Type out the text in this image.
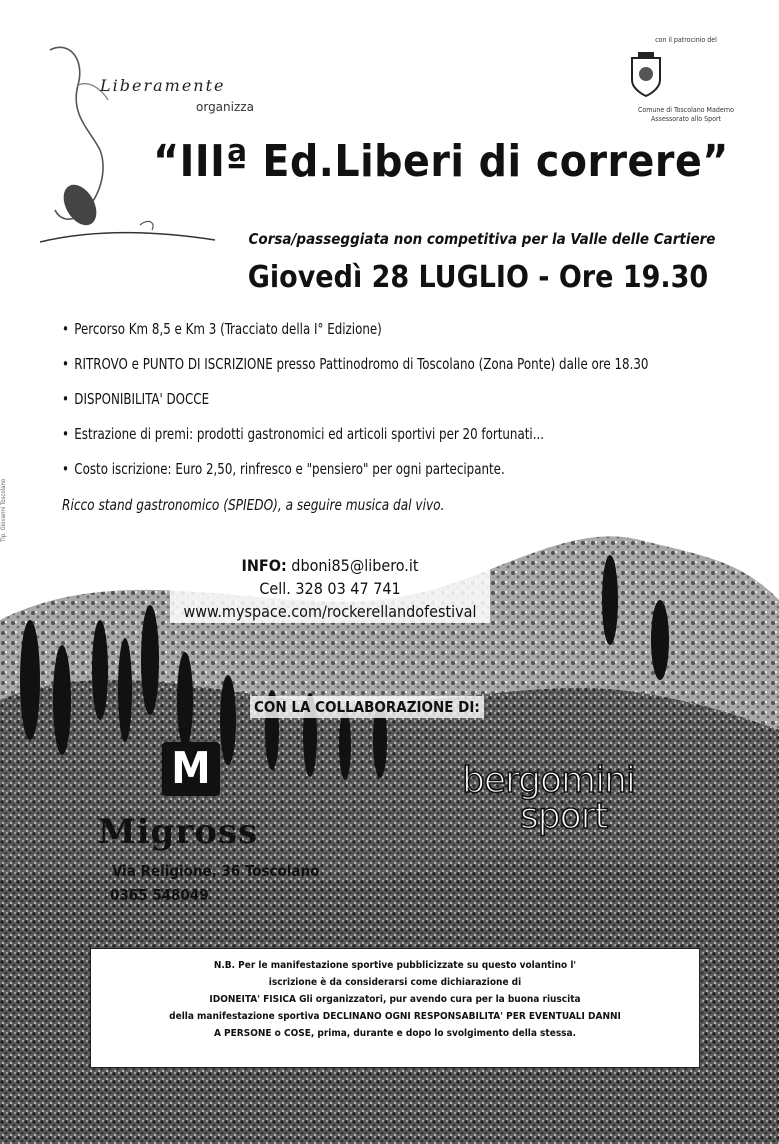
Liberamente
organizza
con il patrocinio del
Comune di Toscolano Maderno
Assessorato allo Sport
“IIIª Ed.Liberi di correre”
Corsa/passeggiata non competitiva per la Valle delle Cartiere
Giovedì 28 LUGLIO - Ore 19.30
• Percorso Km 8,5 e Km 3 (Tracciato della I° Edizione)
• RITROVO e PUNTO DI ISCRIZIONE presso Pattinodromo di Toscolano (Zona Ponte) dalle ore 18.30
• DISPONIBILITA' DOCCE
• Estrazione di premi: prodotti gastronomici ed articoli sportivi per 20 fortunati...
• Costo iscrizione: Euro 2,50, rinfresco e "pensiero" per ogni partecipante.
Ricco stand gastronomico (SPIEDO), a seguire musica dal vivo.
Tip. Giovanni Toscolano
INFO: dboni85@libero.it
Cell. 328 03 47 741
www.myspace.com/rockerellandofestival
CON LA COLLABORAZIONE DI:
M
Migross
Via Religione, 36 Toscolano
0365 548049
bergomini
sport
N.B. Per le manifestazione sportive pubblicizzate su questo volantino l'
iscrizione è da considerarsi come dichiarazione di
IDONEITA' FISICA Gli organizzatori, pur avendo cura per la buona riuscita
della manifestazione sportiva DECLINANO OGNI RESPONSABILITA' PER EVENTUALI DANNI
A PERSONE o COSE, prima, durante e dopo lo svolgimento della stessa.
